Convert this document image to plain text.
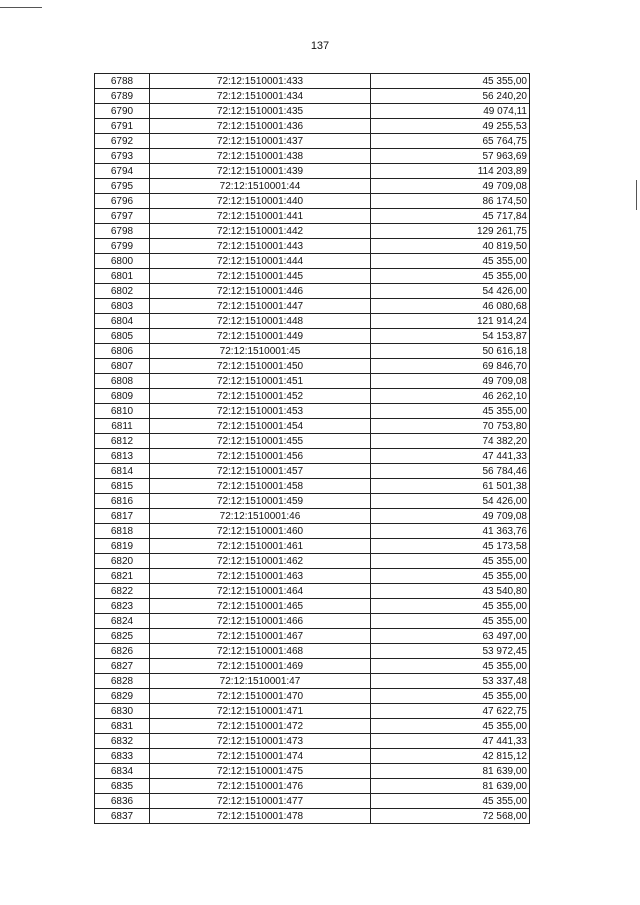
137
6788	72:12:1510001:433	45 355,00
6789	72:12:1510001:434	56 240,20
6790	72:12:1510001:435	49 074,11
6791	72:12:1510001:436	49 255,53
6792	72:12:1510001:437	65 764,75
6793	72:12:1510001:438	57 963,69
6794	72:12:1510001:439	114 203,89
6795	72:12:1510001:44	49 709,08
6796	72:12:1510001:440	86 174,50
6797	72:12:1510001:441	45 717,84
6798	72:12:1510001:442	129 261,75
6799	72:12:1510001:443	40 819,50
6800	72:12:1510001:444	45 355,00
6801	72:12:1510001:445	45 355,00
6802	72:12:1510001:446	54 426,00
6803	72:12:1510001:447	46 080,68
6804	72:12:1510001:448	121 914,24
6805	72:12:1510001:449	54 153,87
6806	72:12:1510001:45	50 616,18
6807	72:12:1510001:450	69 846,70
6808	72:12:1510001:451	49 709,08
6809	72:12:1510001:452	46 262,10
6810	72:12:1510001:453	45 355,00
6811	72:12:1510001:454	70 753,80
6812	72:12:1510001:455	74 382,20
6813	72:12:1510001:456	47 441,33
6814	72:12:1510001:457	56 784,46
6815	72:12:1510001:458	61 501,38
6816	72:12:1510001:459	54 426,00
6817	72:12:1510001:46	49 709,08
6818	72:12:1510001:460	41 363,76
6819	72:12:1510001:461	45 173,58
6820	72:12:1510001:462	45 355,00
6821	72:12:1510001:463	45 355,00
6822	72:12:1510001:464	43 540,80
6823	72:12:1510001:465	45 355,00
6824	72:12:1510001:466	45 355,00
6825	72:12:1510001:467	63 497,00
6826	72:12:1510001:468	53 972,45
6827	72:12:1510001:469	45 355,00
6828	72:12:1510001:47	53 337,48
6829	72:12:1510001:470	45 355,00
6830	72:12:1510001:471	47 622,75
6831	72:12:1510001:472	45 355,00
6832	72:12:1510001:473	47 441,33
6833	72:12:1510001:474	42 815,12
6834	72:12:1510001:475	81 639,00
6835	72:12:1510001:476	81 639,00
6836	72:12:1510001:477	45 355,00
6837	72:12:1510001:478	72 568,00
